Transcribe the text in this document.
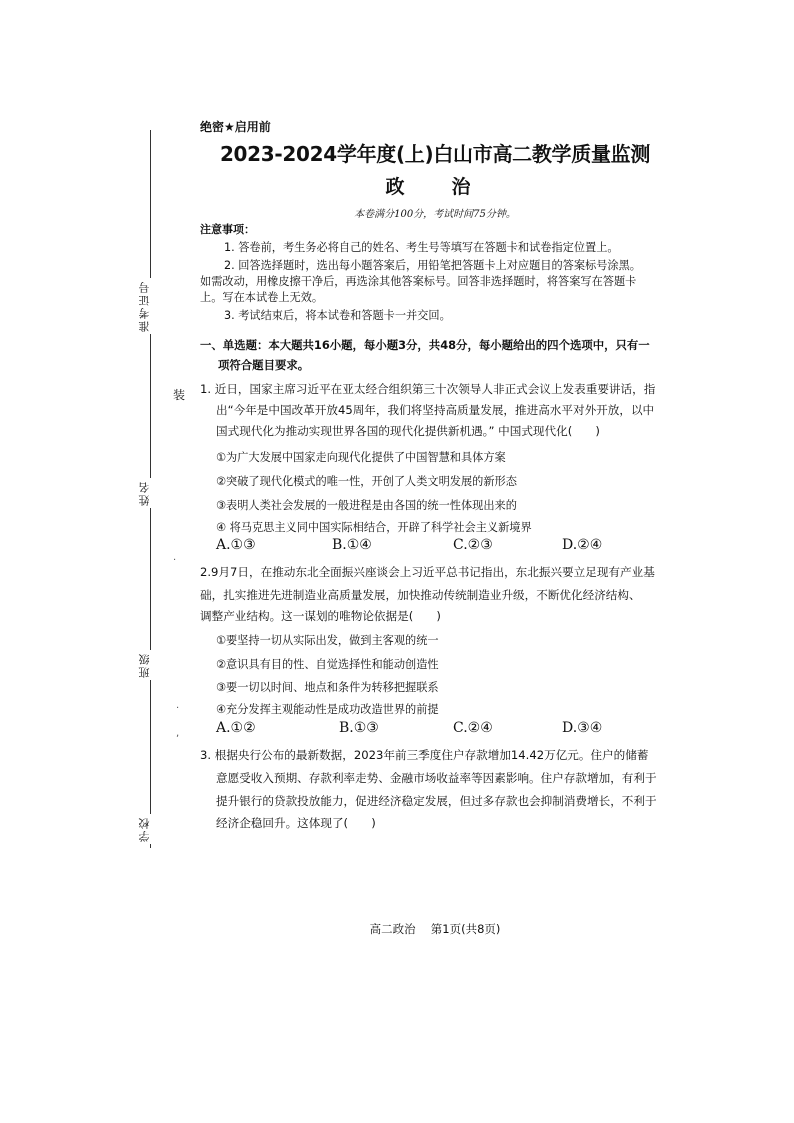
准考证号
姓名
班级
学校
装
绝密★启用前
2023-2024学年度(上)白山市高二教学质量监测
政　治
本卷满分100分，考试时间75分钟。
注意事项：
1. 答卷前，考生务必将自己的姓名、考生号等填写在答题卡和试卷指定位置上。
2. 回答选择题时，选出每小题答案后，用铅笔把答题卡上对应题目的答案标号涂黑。
如需改动，用橡皮擦干净后，再选涂其他答案标号。回答非选择题时，将答案写在答题卡
上。写在本试卷上无效。
3. 考试结束后，将本试卷和答题卡一并交回。
一、单选题：本大题共16小题，每小题3分，共48分，每小题给出的四个选项中，只有一
项符合题目要求。
1. 近日，国家主席习近平在亚太经合组织第三十次领导人非正式会议上发表重要讲话，指
出“今年是中国改革开放45周年，我们将坚持高质量发展，推进高水平对外开放，以中
国式现代化为推动实现世界各国的现代化提供新机遇。” 中国式现代化(　　)
①为广大发展中国家走向现代化提供了中国智慧和具体方案
②突破了现代化模式的唯一性，开创了人类文明发展的新形态
③表明人类社会发展的一般进程是由各国的统一性体现出来的
④ 将马克思主义同中国实际相结合，开辟了科学社会主义新境界
A.①③	B.①④	C.②③	D.②④
.
2.9月7日，在推动东北全面振兴座谈会上习近平总书记指出，东北振兴要立足现有产业基
础，扎实推进先进制造业高质量发展，加快推动传统制造业升级，不断优化经济结构、
调整产业结构。这一谋划的唯物论依据是(　　)
①要坚持一切从实际出发，做到主客观的统一
②意识具有目的性、自觉选择性和能动创造性
③要一切以时间、地点和条件为转移把握联系
④充分发挥主观能动性是成功改造世界的前提
A.①②	B.①③	C.②④	D.③④
.
,
3. 根据央行公布的最新数据，2023年前三季度住户存款增加14.42万亿元。住户的储蓄
意愿受收入预期、存款利率走势、金融市场收益率等因素影响。住户存款增加，有利于
提升银行的贷款投放能力，促进经济稳定发展，但过多存款也会抑制消费增长，不利于
经济企稳回升。这体现了(　　)
高二政治　 第1页(共8页)
